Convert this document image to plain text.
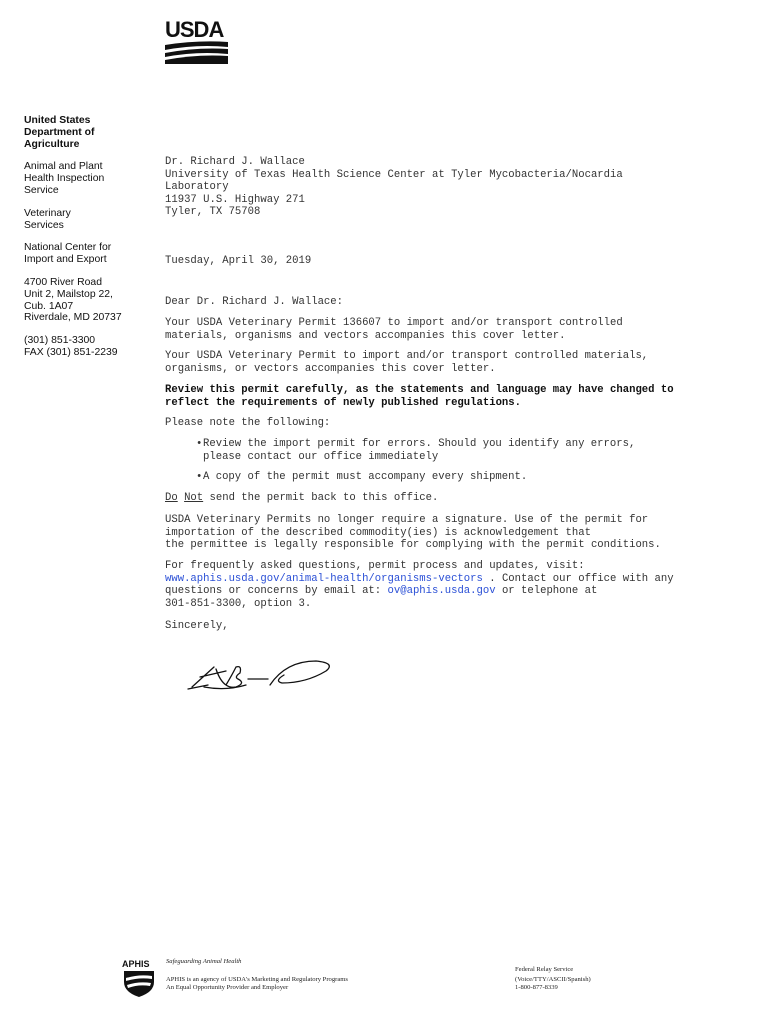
USDA
United States
Department of
Agriculture
Animal and Plant
Health Inspection
Service
Veterinary
Services
National Center for
Import and Export
4700 River Road
Unit 2, Mailstop 22,
Cub. 1A07
Riverdale, MD 20737
(301) 851-3300
FAX (301) 851-2239
Dr. Richard J. Wallace
University of Texas Health Science Center at Tyler Mycobacteria/Nocardia
Laboratory
11937 U.S. Highway 271
Tyler, TX 75708
Tuesday, April 30, 2019
Dear Dr. Richard J. Wallace:
Your USDA Veterinary Permit 136607 to import and/or transport controlled
materials, organisms and vectors accompanies this cover letter.
Your USDA Veterinary Permit to import and/or transport controlled materials,
organisms, or vectors accompanies this cover letter.
Review this permit carefully, as the statements and language may have changed to
reflect the requirements of newly published regulations.
Please note the following:
• Review the import permit for errors. Should you identify any errors,
please contact our office immediately
• A copy of the permit must accompany every shipment.
Do Not send the permit back to this office.
USDA Veterinary Permits no longer require a signature. Use of the permit for
importation of the described commodity(ies) is acknowledgement that
the permittee is legally responsible for complying with the permit conditions.
For frequently asked questions, permit process and updates, visit:
www.aphis.usda.gov/animal-health/organisms-vectors . Contact our office with any
questions or concerns by email at: ov@aphis.usda.gov or telephone at
301-851-3300, option 3.
Sincerely,
APHIS Safeguarding Animal Health
APHIS is an agency of USDA's Marketing and Regulatory Programs
An Equal Opportunity Provider and Employer
Federal Relay Service
(Voice/TTY/ASCII/Spanish)
1-800-877-8339
